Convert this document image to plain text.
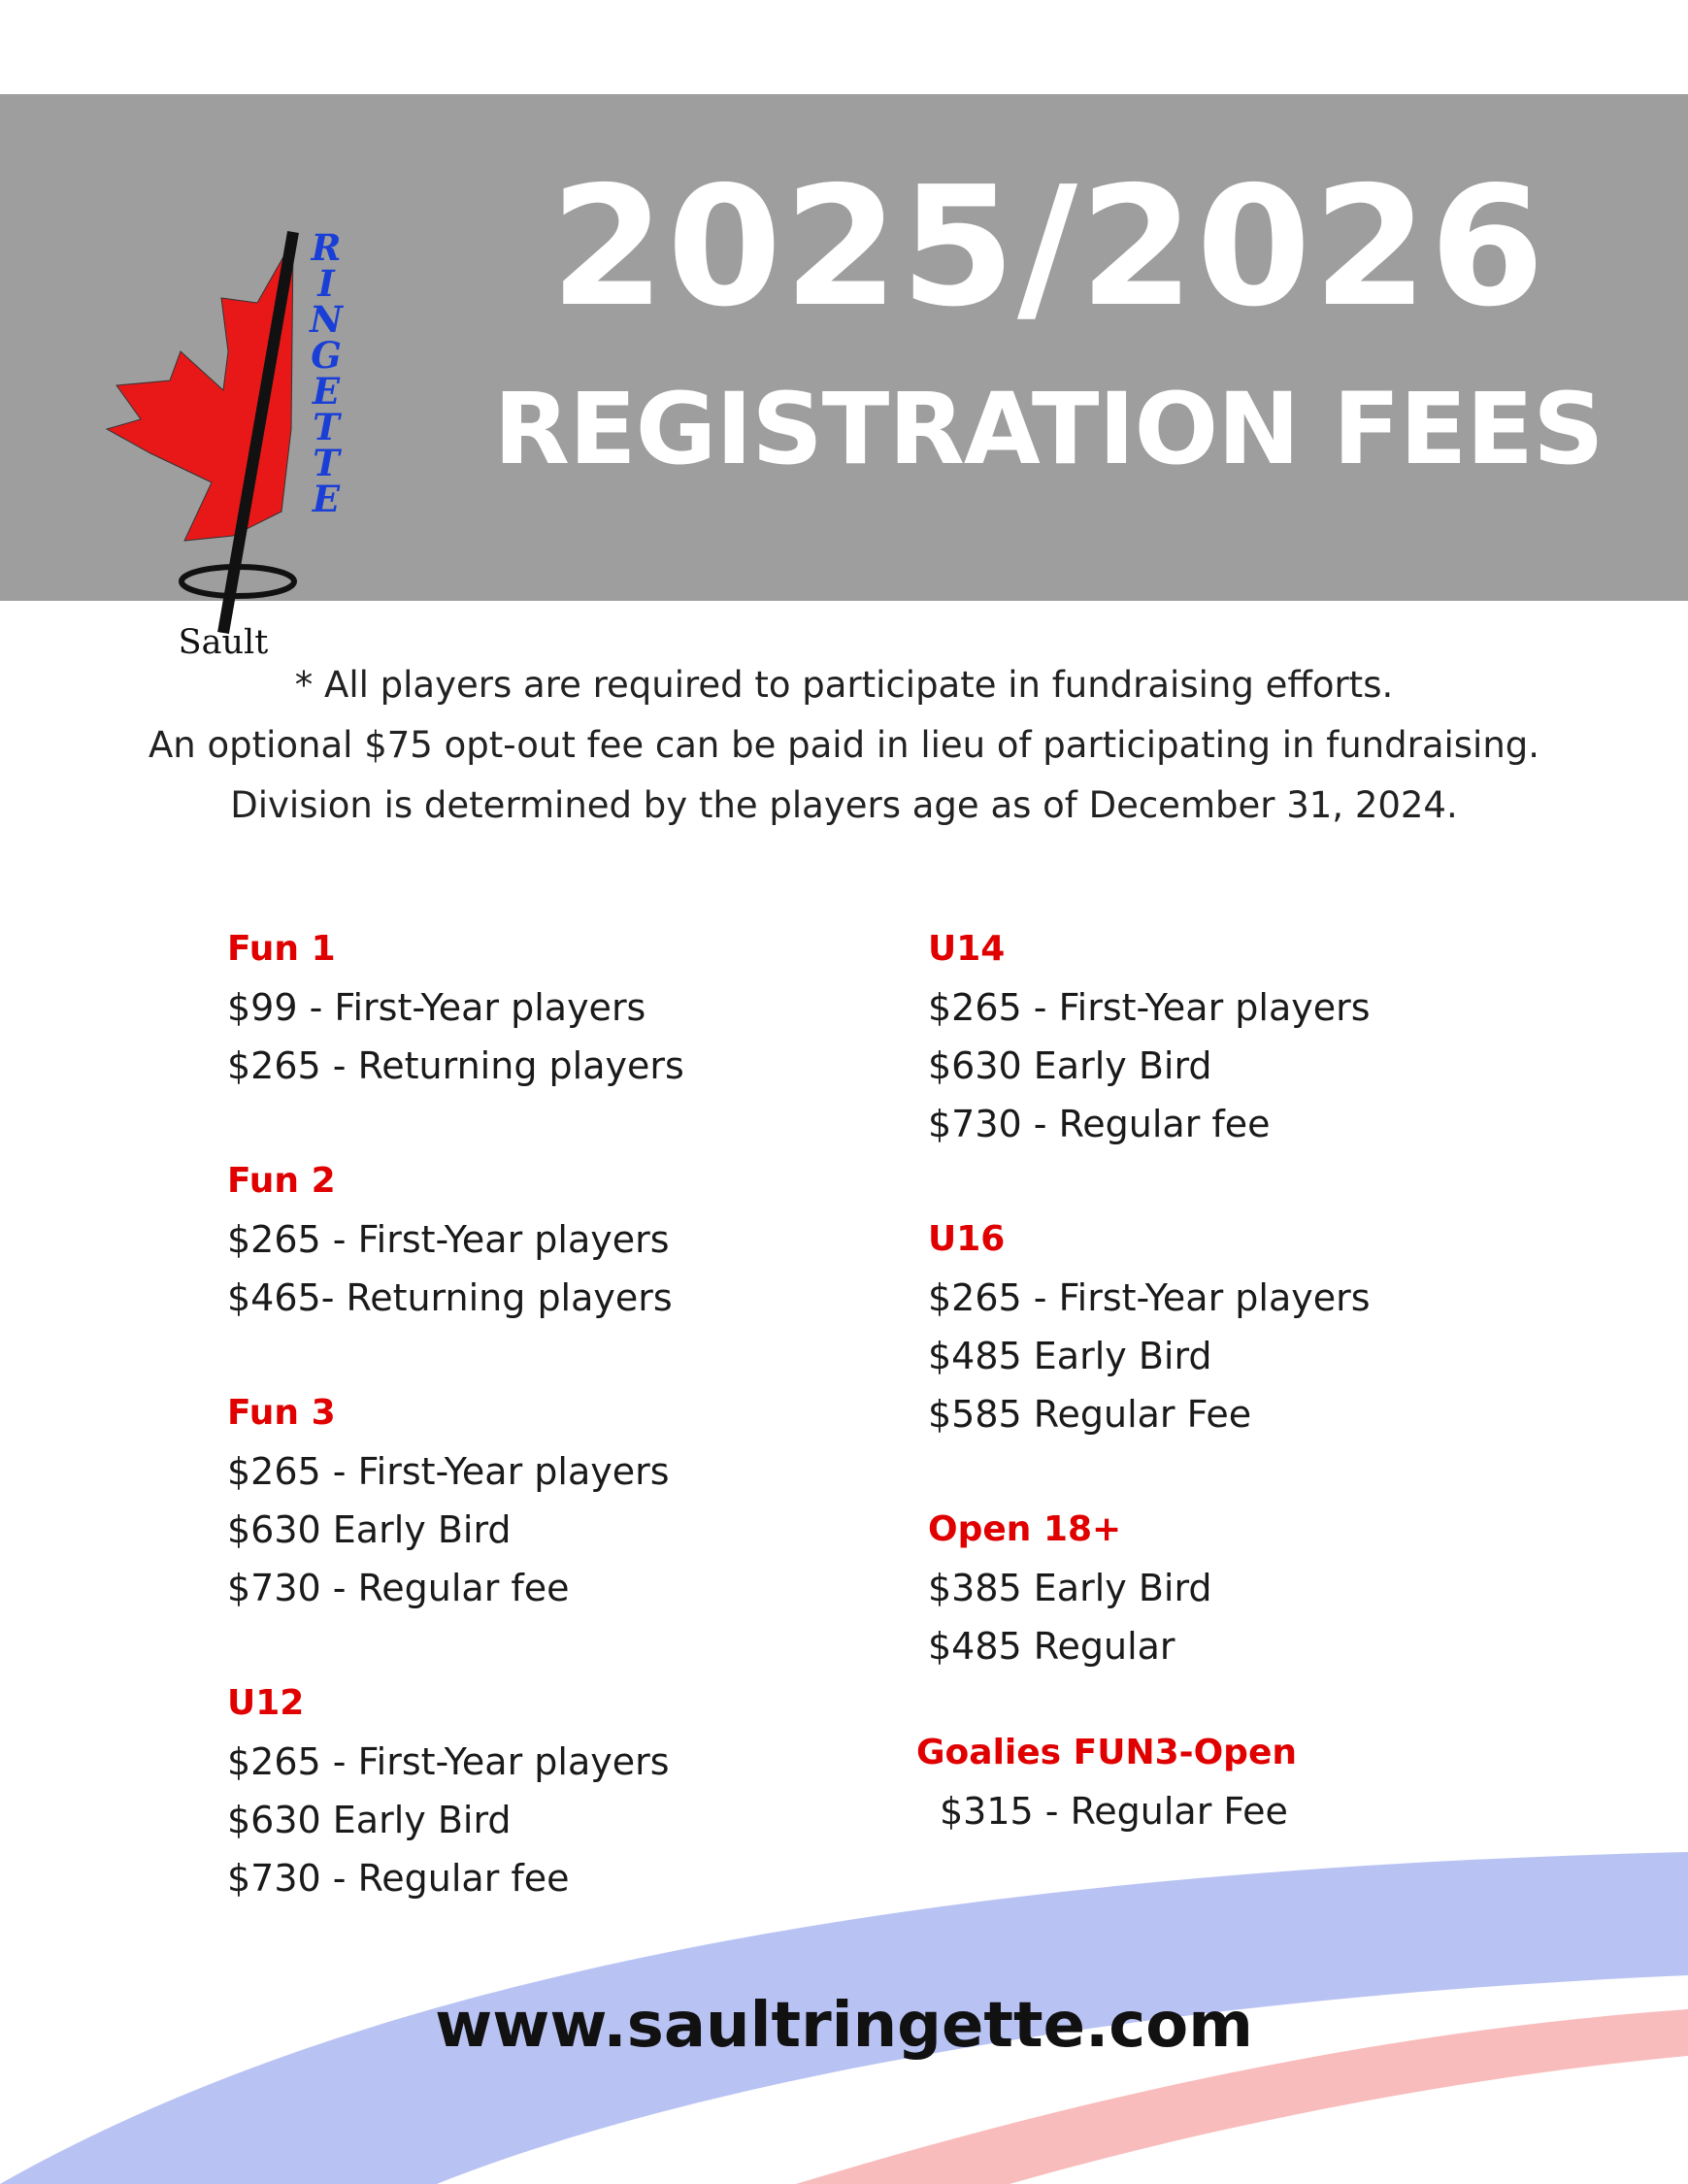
R
I
N
G
E
T
T
E
Sault
2025/2026
REGISTRATION FEES
* All players are required to participate in fundraising efforts.
An optional $75 opt-out fee can be paid in lieu of participating in fundraising.
Division is determined by the players age as of December 31, 2024.
Fun 1
$99 - First-Year players
$265 - Returning players
Fun 2
$265 - First-Year players
$465- Returning players
Fun 3
$265 - First-Year players
$630 Early Bird
$730 - Regular fee
U12
$265 - First-Year players
$630 Early Bird
$730 - Regular fee
U14
$265 - First-Year players
$630 Early Bird
$730 - Regular fee
U16
$265 - First-Year players
$485 Early Bird
$585 Regular Fee
Open 18+
$385 Early Bird
$485 Regular
Goalies FUN3-Open
$315 - Regular Fee
www.saultringette.com
